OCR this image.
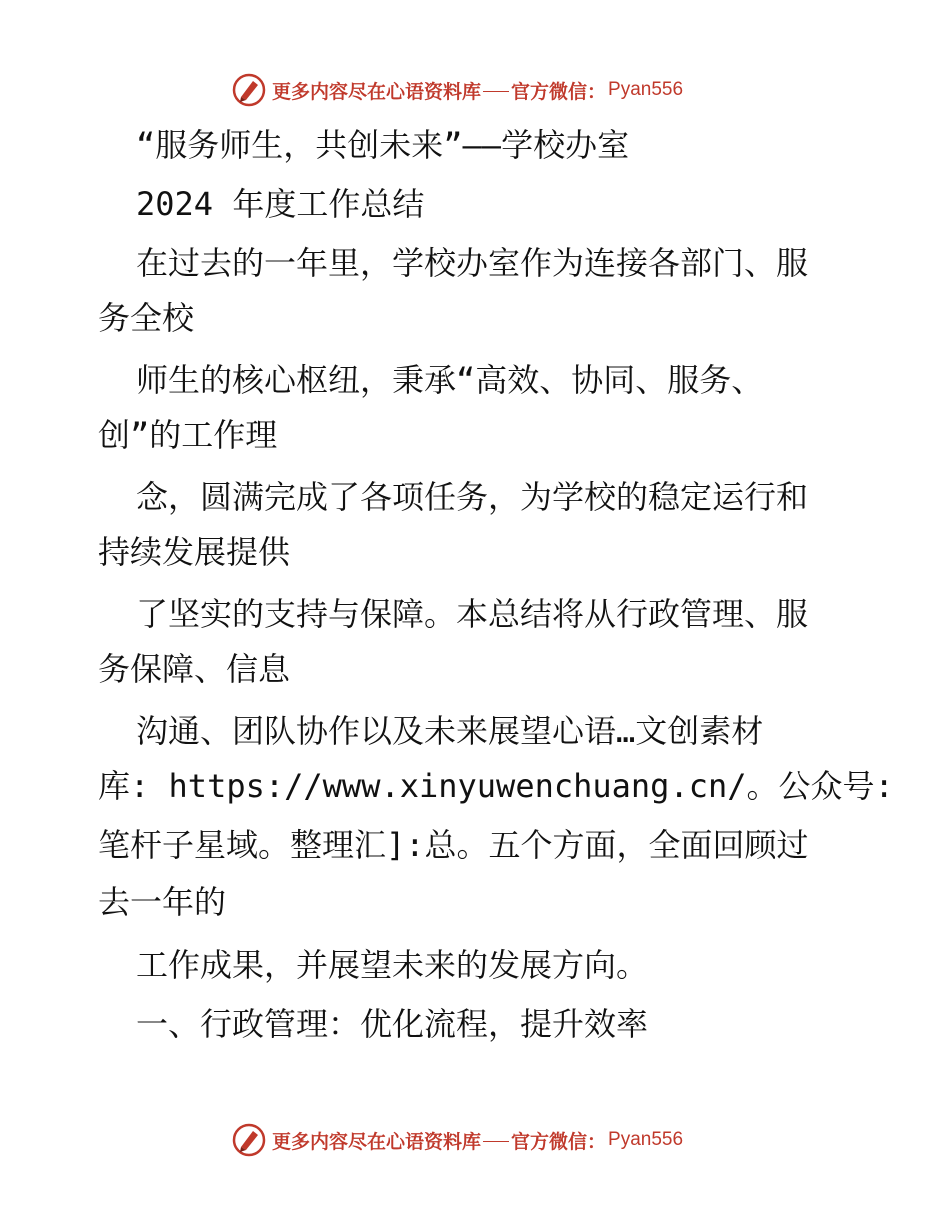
更多内容尽在心语资料库 官方微信： Pyan556
“服务师生，共创未来”——学校办室
2024 年度工作总结
在过去的一年里，学校办室作为连接各部门、服
务全校
师生的核心枢纽，秉承“高效、协同、服务、
创”的工作理
念，圆满完成了各项任务，为学校的稳定运行和
持续发展提供
了坚实的支持与保障。本总结将从行政管理、服
务保障、信息
沟通、团队协作以及未来展望心语…文创素材
库: https://www.xinyuwenchuang.cn/。公众号:
笔杆子星域。整理汇]:总。五个方面，全面回顾过
去一年的
工作成果，并展望未来的发展方向。
一、行政管理：优化流程，提升效率
更多内容尽在心语资料库 官方微信： Pyan556
